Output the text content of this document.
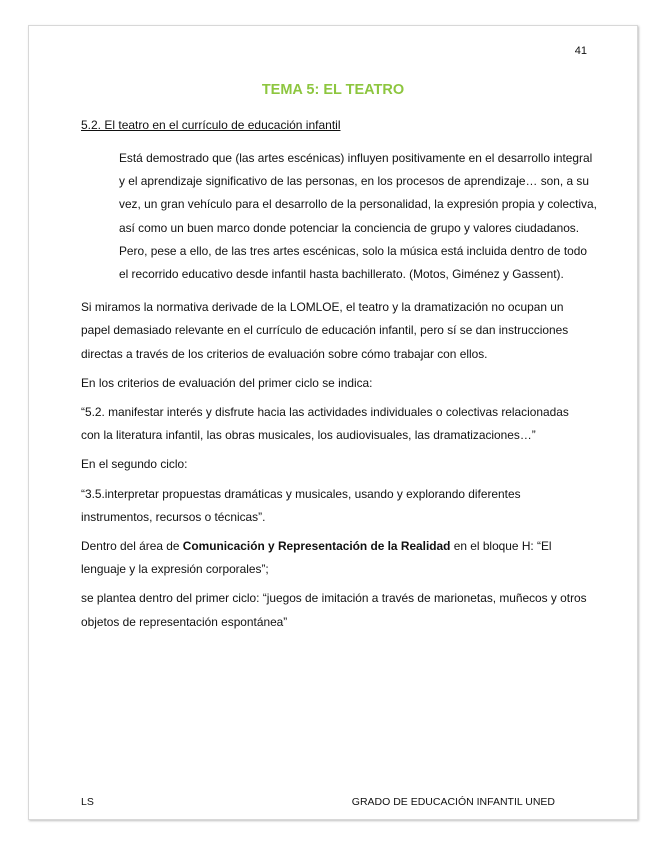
41
TEMA 5: EL TEATRO
5.2. El teatro en el currículo de educación infantil

Está demostrado que (las artes escénicas) influyen positivamente en el desarrollo integral y el aprendizaje significativo de las personas, en los procesos de aprendizaje… son, a su vez, un gran vehículo para el desarrollo de la personalidad, la expresión propia y colectiva, así como un buen marco donde potenciar la conciencia de grupo y valores ciudadanos. Pero, pese a ello, de las tres artes escénicas, solo la música está incluida dentro de todo el recorrido educativo desde infantil hasta bachillerato. (Motos, Giménez y Gassent).

Si miramos la normativa derivade de la LOMLOE, el teatro y la dramatización no ocupan un papel demasiado relevante en el currículo de educación infantil, pero sí se dan instrucciones directas a través de los criterios de evaluación sobre cómo trabajar con ellos.

En los criterios de evaluación del primer ciclo se indica:

“5.2. manifestar interés y disfrute hacia las actividades individuales o colectivas relacionadas con la literatura infantil, las obras musicales, los audiovisuales, las dramatizaciones…”

En el segundo ciclo:

“3.5.interpretar propuestas dramáticas y musicales, usando y explorando diferentes instrumentos, recursos o técnicas”.

Dentro del área de Comunicación y Representación de la Realidad en el bloque H: “El lenguaje y la expresión corporales”;

se plantea dentro del primer ciclo: “juegos de imitación a través de marionetas, muñecos y otros objetos de representación espontánea”

LS	GRADO DE EDUCACIÓN INFANTIL UNED
